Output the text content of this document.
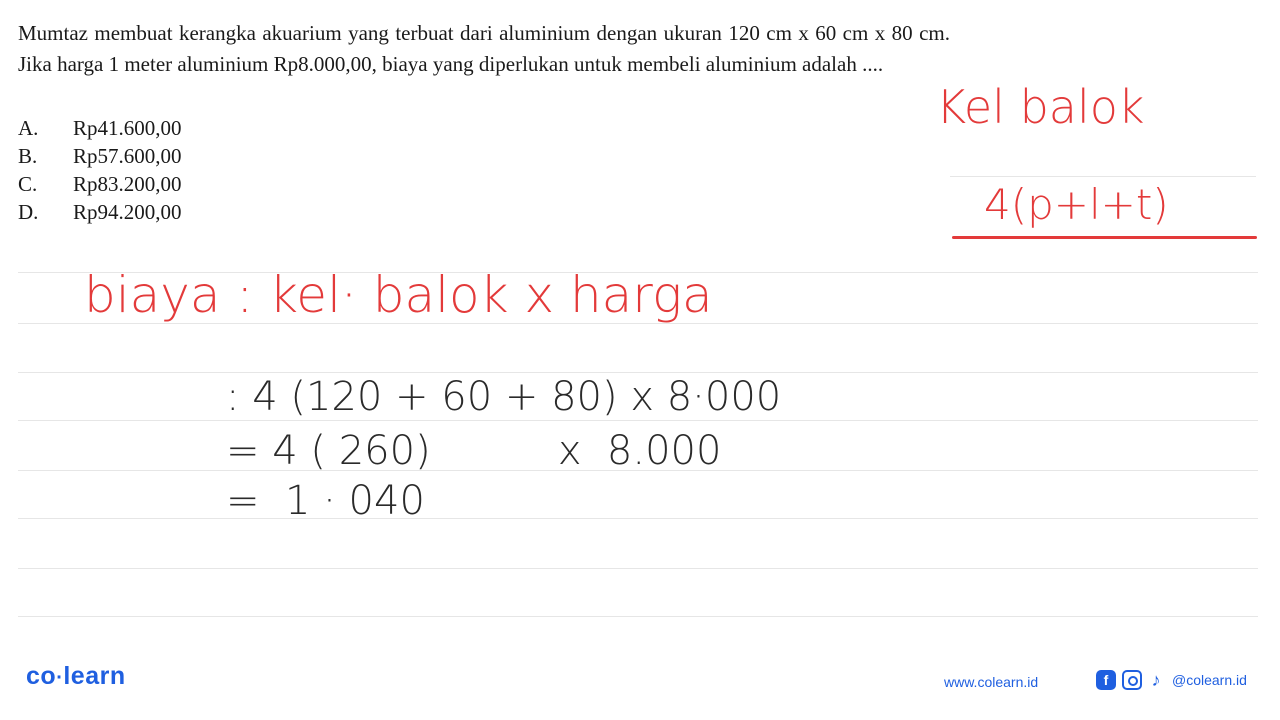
Mumtaz membuat kerangka akuarium yang terbuat dari aluminium dengan ukuran 120 cm x 60 cm x 80 cm. Jika harga 1 meter aluminium Rp8.000,00, biaya yang diperlukan untuk membeli aluminium adalah ....
A.	Rp41.600,00
B.	Rp57.600,00
C.	Rp83.200,00
D.	Rp94.200,00
Kel balok
4(p+l+t)
biaya : kel· balok x harga
: 4 (120 + 60 + 80) x 8·000
= 4 ( 260)          x  8.000
=  1 · 040
co·learn	www.colearn.id	f	♪ @colearn.id
